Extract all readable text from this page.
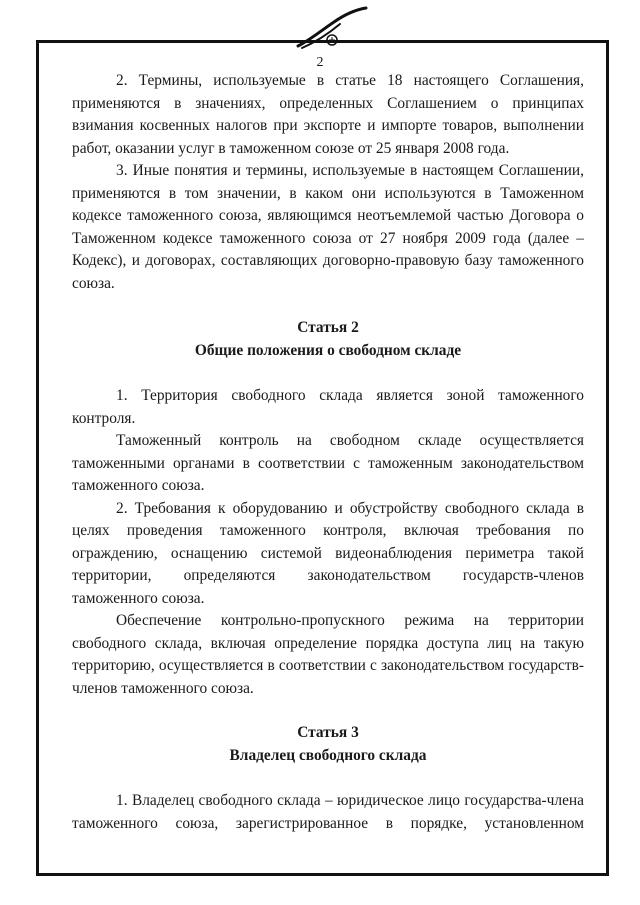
2

2. Термины, используемые в статье 18 настоящего Соглашения,

применяются в значениях, определенных Соглашением о принципах

взимания косвенных налогов при экспорте и импорте товаров, выполнении

работ, оказании услуг в таможенном союзе от 25 января 2008 года.

3. Иные понятия и термины, используемые в настоящем Соглашении,

применяются в том значении, в каком они используются в Таможенном

кодексе таможенного союза, являющимся неотъемлемой частью Договора о

Таможенном кодексе таможенного союза от 27 ноября 2009 года (далее –

Кодекс), и договорах, составляющих договорно-правовую базу таможенного

союза.

Статья 2

Общие положения о свободном складе

1. Территория свободного склада является зоной таможенного

контроля.

Таможенный контроль на свободном складе осуществляется

таможенными органами в соответствии с таможенным законодательством

таможенного союза.

2. Требования к оборудованию и обустройству свободного склада в

целях проведения таможенного контроля, включая требования по

ограждению, оснащению системой видеонаблюдения периметра такой

территории, определяются законодательством государств-членов

таможенного союза.

Обеспечение контрольно-пропускного режима на территории

свободного склада, включая определение порядка доступа лиц на такую

территорию, осуществляется в соответствии с законодательством государств-

членов таможенного союза.

Статья 3

Владелец свободного склада

1. Владелец свободного склада – юридическое лицо государства-члена

таможенного союза, зарегистрированное в порядке, установленном
